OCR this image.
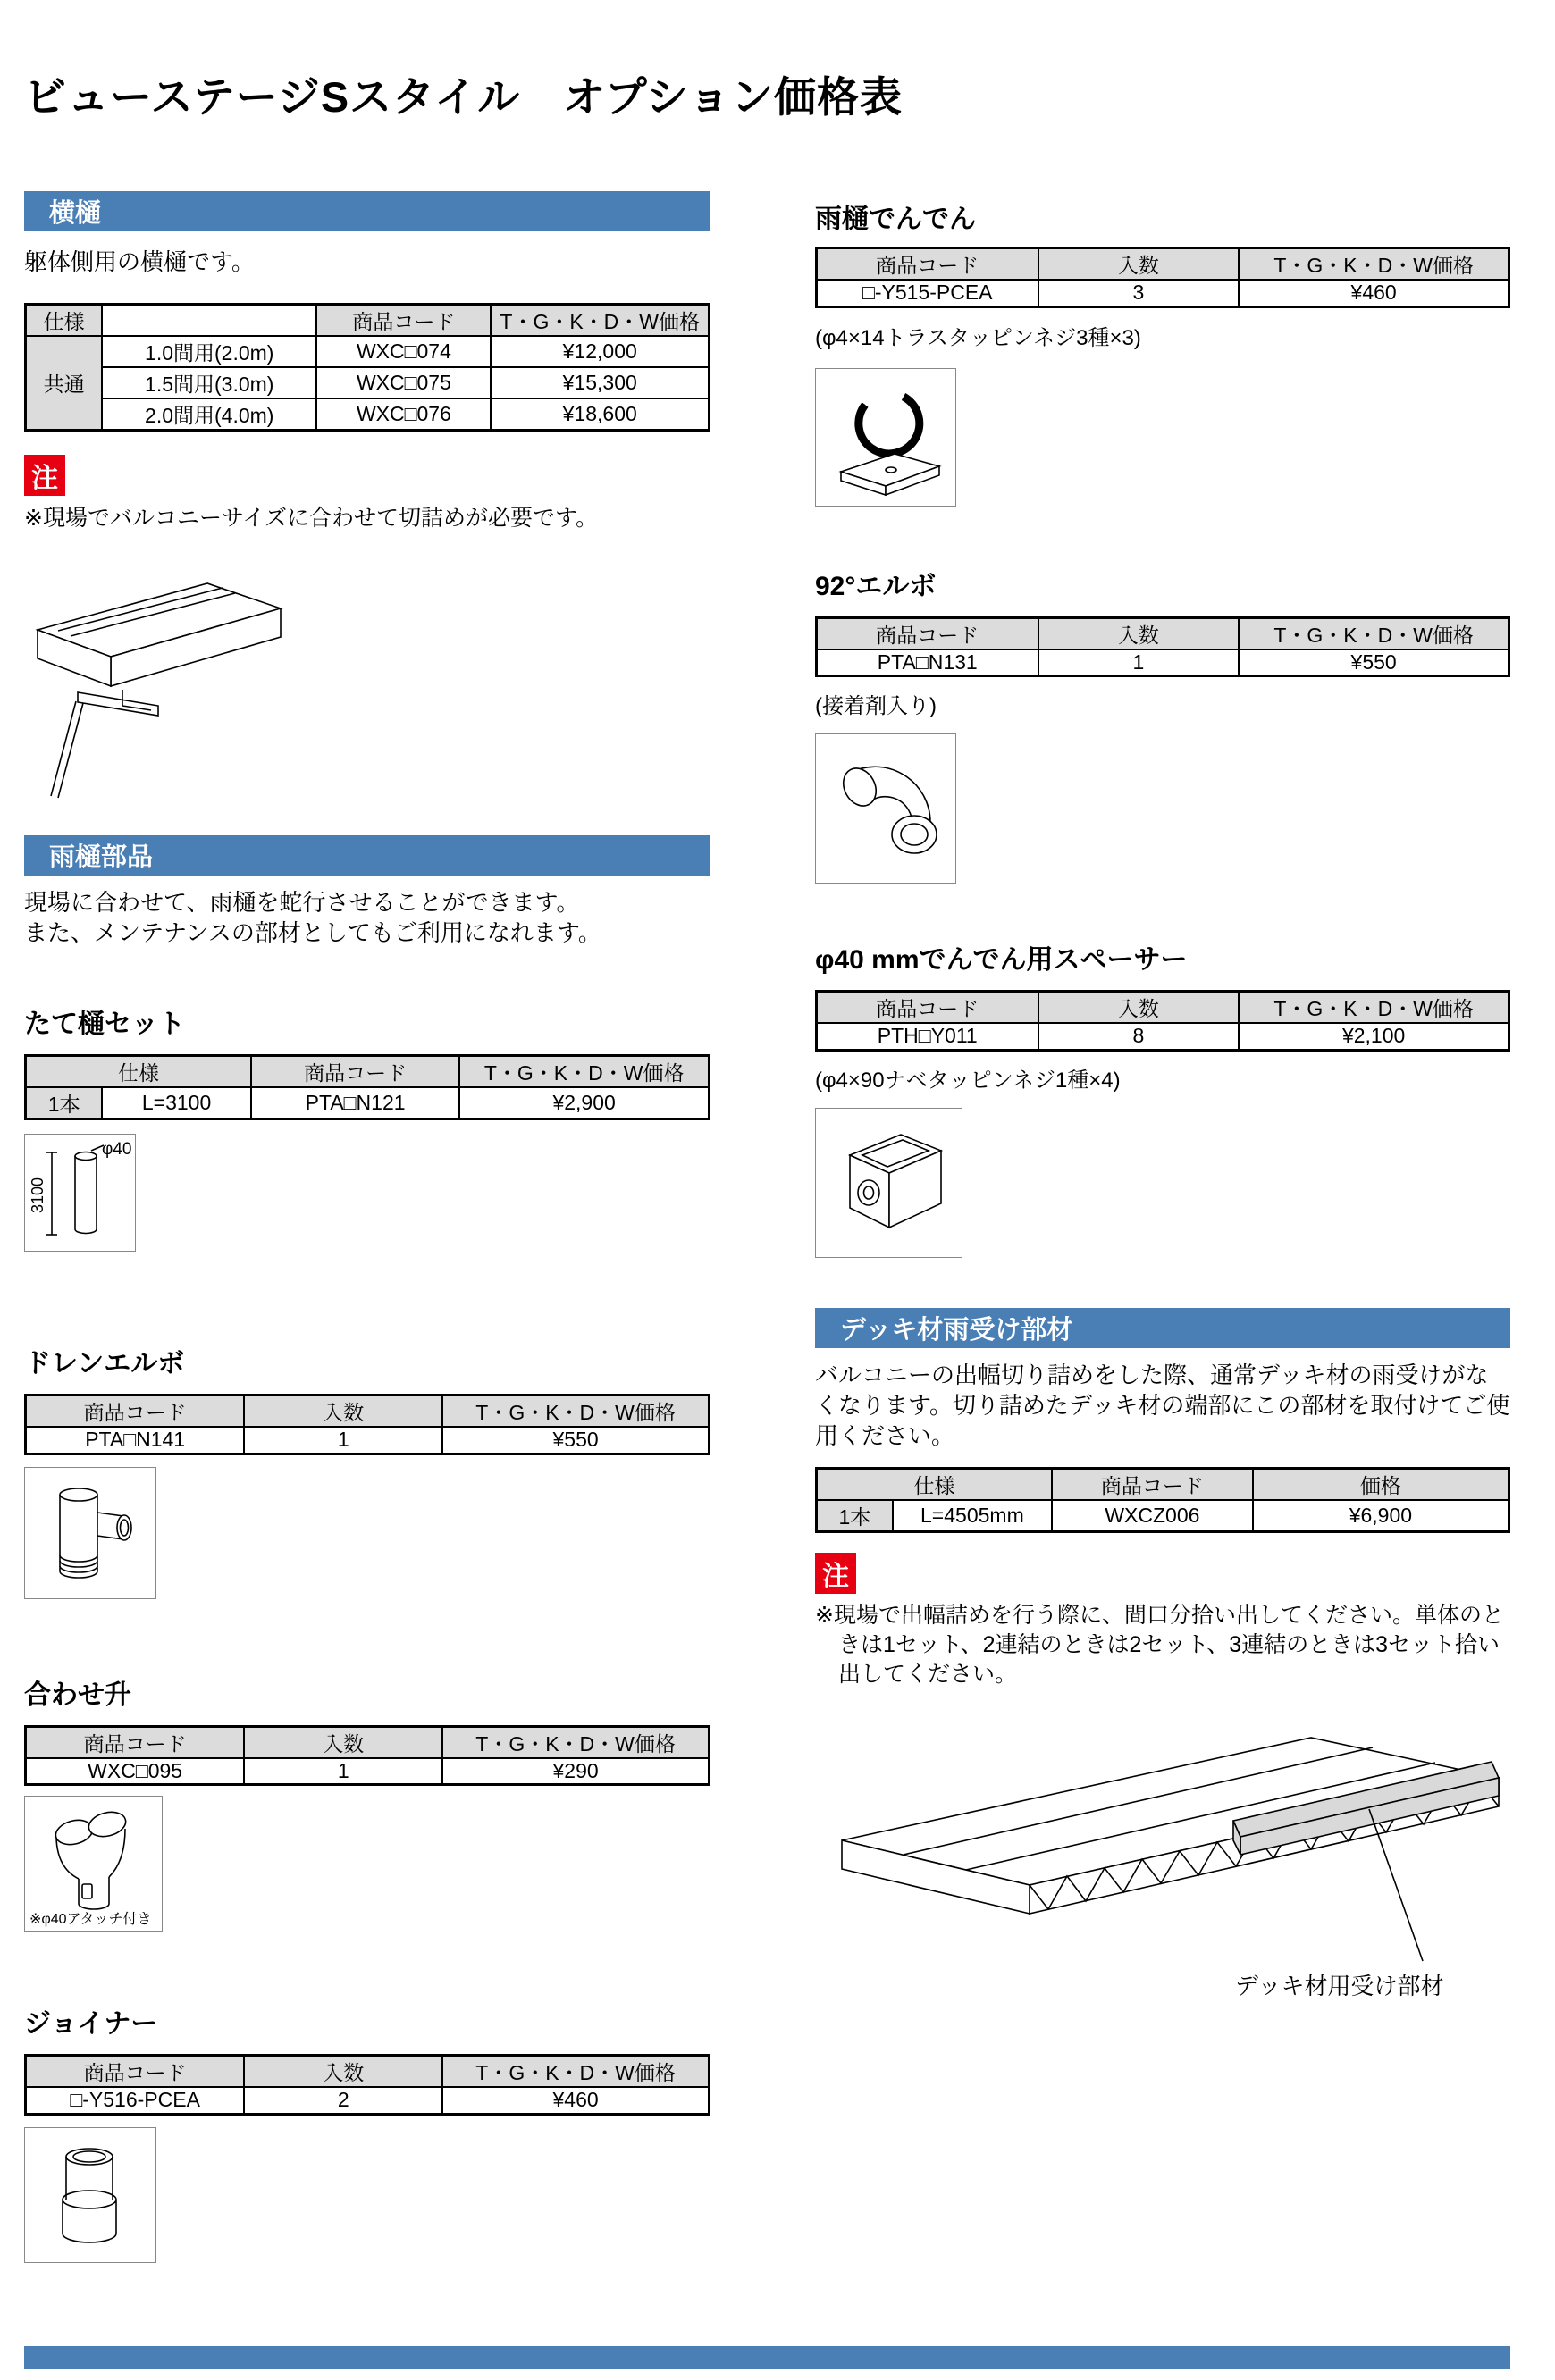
ビューステージSスタイル　オプション価格表
横樋
躯体側用の横樋です。
仕様		商品コード	T・G・K・D・W価格
共通	1.0間用(2.0m)	WXC□074	¥12,000
	1.5間用(3.0m)	WXC□075	¥15,300
	2.0間用(4.0m)	WXC□076	¥18,600
注
※現場でバルコニーサイズに合わせて切詰めが必要です。
雨樋部品
現場に合わせて、雨樋を蛇行させることができます。
また、メンテナンスの部材としてもご利用になれます。
たて樋セット
仕様		商品コード	T・G・K・D・W価格
1本	L=3100	PTA□N121	¥2,900
3100
φ40
ドレンエルボ
商品コード	入数	T・G・K・D・W価格
PTA□N141	1	¥550
合わせ升
商品コード	入数	T・G・K・D・W価格
WXC□095	1	¥290
※φ40アタッチ付き
ジョイナー
商品コード	入数	T・G・K・D・W価格
□-Y516-PCEA	2	¥460
雨樋でんでん
商品コード	入数	T・G・K・D・W価格
□-Y515-PCEA	3	¥460
(φ4×14トラスタッピンネジ3種×3)
92°エルボ
商品コード	入数	T・G・K・D・W価格
PTA□N131	1	¥550
(接着剤入り)
φ40 mmでんでん用スペーサー
商品コード	入数	T・G・K・D・W価格
PTH□Y011	8	¥2,100
(φ4×90ナベタッピンネジ1種×4)
デッキ材雨受け部材
バルコニーの出幅切り詰めをした際、通常デッキ材の雨受けがなくなります。切り詰めたデッキ材の端部にこの部材を取付けてご使用ください。
仕様		商品コード	価格
1本	L=4505mm	WXCZ006	¥6,900
注
※現場で出幅詰めを行う際に、間口分拾い出してください。単体のときは1セット、2連結のときは2セット、3連結のときは3セット拾い出してください。
デッキ材用受け部材
